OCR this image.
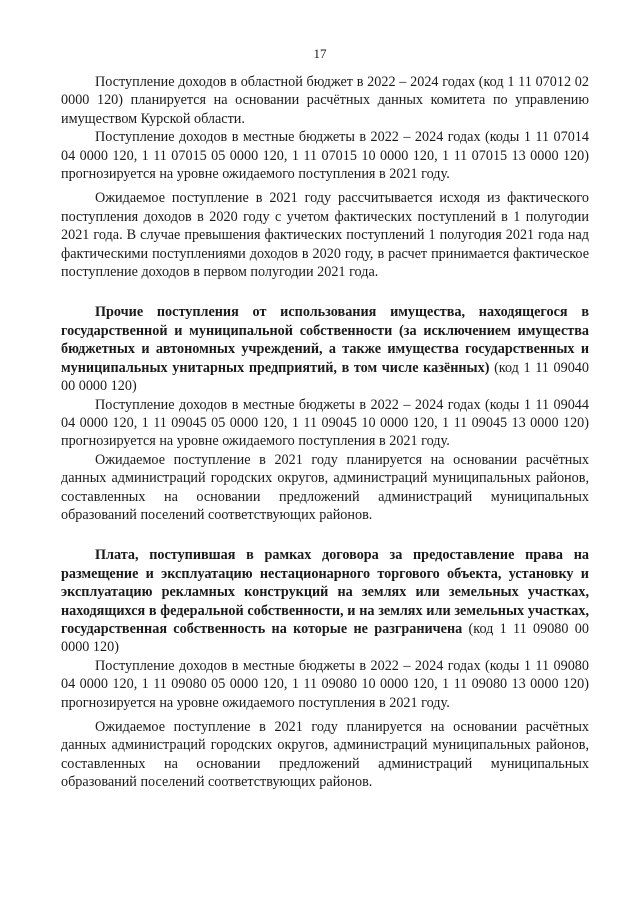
17

Поступление доходов в областной бюджет в 2022 – 2024 годах (код 1 11 07012 02 0000 120) планируется на основании расчётных данных комитета по управлению имуществом Курской области.

Поступление доходов в местные бюджеты в 2022 – 2024 годах (коды 1 11 07014 04 0000 120, 1 11 07015 05 0000 120, 1 11 07015 10 0000 120, 1 11 07015 13 0000 120) прогнозируется на уровне ожидаемого поступления в 2021 году.

Ожидаемое поступление в 2021 году рассчитывается исходя из фактического поступления доходов в 2020 году с учетом фактических поступлений в 1 полугодии 2021 года. В случае превышения фактических поступлений 1 полугодия 2021 года над фактическими поступлениями доходов в 2020 году, в расчет принимается фактическое поступление доходов в первом полугодии 2021 года.

Прочие поступления от использования имущества, находящегося в государственной и муниципальной собственности (за исключением имущества бюджетных и автономных учреждений, а также имущества государственных и муниципальных унитарных предприятий, в том числе казённых) (код 1 11 09040 00 0000 120)

Поступление доходов в местные бюджеты в 2022 – 2024 годах (коды 1 11 09044 04 0000 120, 1 11 09045 05 0000 120, 1 11 09045 10 0000 120, 1 11 09045 13 0000 120) прогнозируется на уровне ожидаемого поступления в 2021 году.

Ожидаемое поступление в 2021 году планируется на основании расчётных данных администраций городских округов, администраций муниципальных районов, составленных на основании предложений администраций муниципальных образований поселений соответствующих районов.

Плата, поступившая в рамках договора за предоставление права на размещение и эксплуатацию нестационарного торгового объекта, установку и эксплуатацию рекламных конструкций на землях или земельных участках, находящихся в федеральной собственности, и на землях или земельных участках, государственная собственность на которые не разграничена (код 1 11 09080 00 0000 120)

Поступление доходов в местные бюджеты в 2022 – 2024 годах (коды 1 11 09080 04 0000 120, 1 11 09080 05 0000 120, 1 11 09080 10 0000 120, 1 11 09080 13 0000 120) прогнозируется на уровне ожидаемого поступления в 2021 году.

Ожидаемое поступление в 2021 году планируется на основании расчётных данных администраций городских округов, администраций муниципальных районов, составленных на основании предложений администраций муниципальных образований поселений соответствующих районов.
